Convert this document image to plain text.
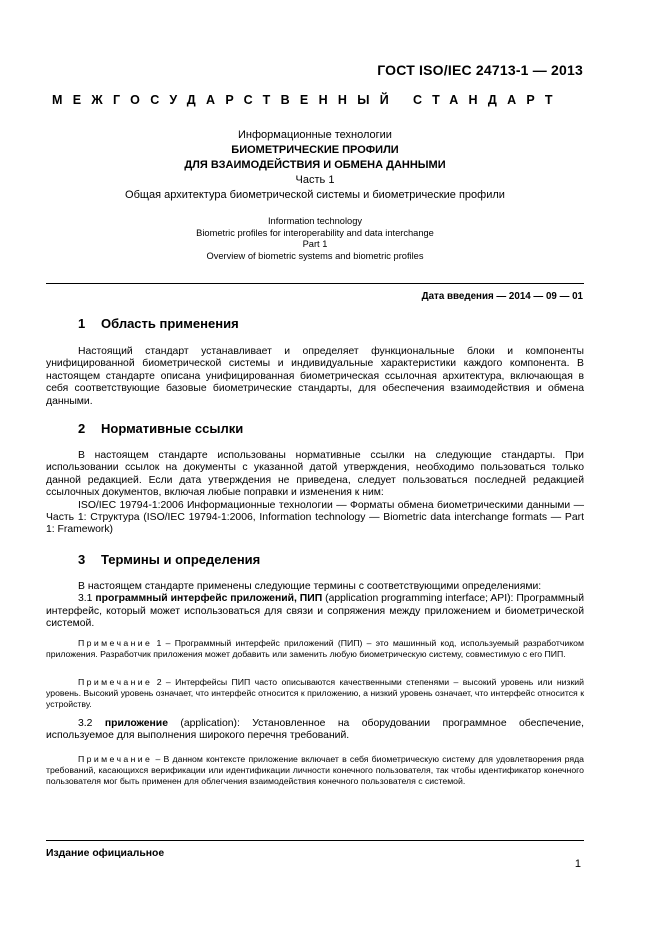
ГОСТ ISO/IEC 24713-1 — 2013
МЕЖГОСУДАРСТВЕННЫЙ СТАНДАРТ
Информационные технологии
БИОМЕТРИЧЕСКИЕ ПРОФИЛИ
ДЛЯ ВЗАИМОДЕЙСТВИЯ И ОБМЕНА ДАННЫМИ
Часть 1
Общая архитектура биометрической системы и биометрические профили
Information technology
Biometric profiles for interoperability and data interchange
Part 1
Overview of biometric systems and biometric profiles
Дата введения — 2014 — 09 — 01
1 Область применения

Настоящий стандарт устанавливает и определяет функциональные блоки и компоненты унифицированной биометрической системы и индивидуальные характеристики каждого компонента. В настоящем стандарте описана унифицированная биометрическая ссылочная архитектура, включающая в себя соответствующие базовые биометрические стандарты, для обеспечения взаимодействия и обмена данными.

2 Нормативные ссылки

В настоящем стандарте использованы нормативные ссылки на следующие стандарты. При использовании ссылок на документы с указанной датой утверждения, необходимо пользоваться только данной редакцией. Если дата утверждения не приведена, следует пользоваться последней редакцией ссылочных документов, включая любые поправки и изменения к ним:

ISO/IEC 19794-1:2006 Информационные технологии — Форматы обмена биометрическими данными — Часть 1: Структура (ISO/IEC 19794-1:2006, Information technology — Biometric data interchange formats — Part 1: Framework)

3 Термины и определения

В настоящем стандарте применены следующие термины с соответствующими определениями:

3.1 программный интерфейс приложений, ПИП (application programming interface; API): Программный интерфейс, который может использоваться для связи и сопряжения между приложением и биометрической системой.

Примечание 1 – Программный интерфейс приложений (ПИП) – это машинный код, используемый разработчиком приложения. Разработчик приложения может добавить или заменить любую биометрическую систему, совместимую с его ПИП.

Примечание 2 – Интерфейсы ПИП часто описываются качественными степенями – высокий уровень или низкий уровень. Высокий уровень означает, что интерфейс относится к приложению, а низкий уровень означает, что интерфейс относится к устройству.

3.2 приложение (application): Установленное на оборудовании программное обеспечение, используемое для выполнения широкого перечня требований.

Примечание – В данном контексте приложение включает в себя биометрическую систему для удовлетворения ряда требований, касающихся верификации или идентификации личности конечного пользователя, так чтобы идентификатор конечного пользователя мог быть применен для облегчения взаимодействия конечного пользователя с системой.

Издание официальное
1
